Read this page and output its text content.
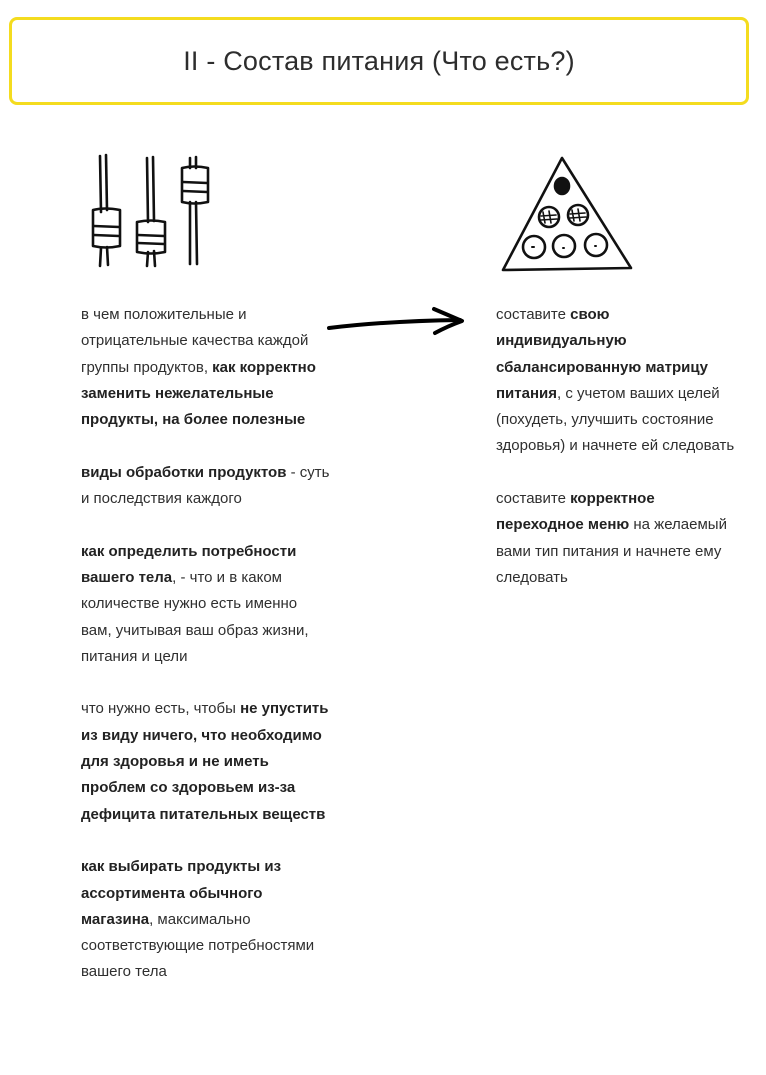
II - Состав питания (Что есть?)

в чем положительные и отрицательные качества каждой группы продуктов, как корректно заменить нежелательные продукты, на более полезные

виды обработки продуктов - суть и последствия каждого

как определить потребности вашего тела, - что и в каком количестве нужно есть именно вам, учитывая ваш образ жизни, питания и цели

что нужно есть, чтобы не упустить из виду ничего, что необходимо для здоровья и не иметь проблем со здоровьем из-за дефицита питательных веществ

как выбирать продукты из ассортимента обычного магазина, максимально соответствующие потребностями вашего тела

составите свою индивидуальную сбалансированную матрицу питания, с учетом ваших целей (похудеть, улучшить состояние здоровья) и начнете ей следовать

составите корректное переходное меню на желаемый вами тип питания и начнете ему следовать
